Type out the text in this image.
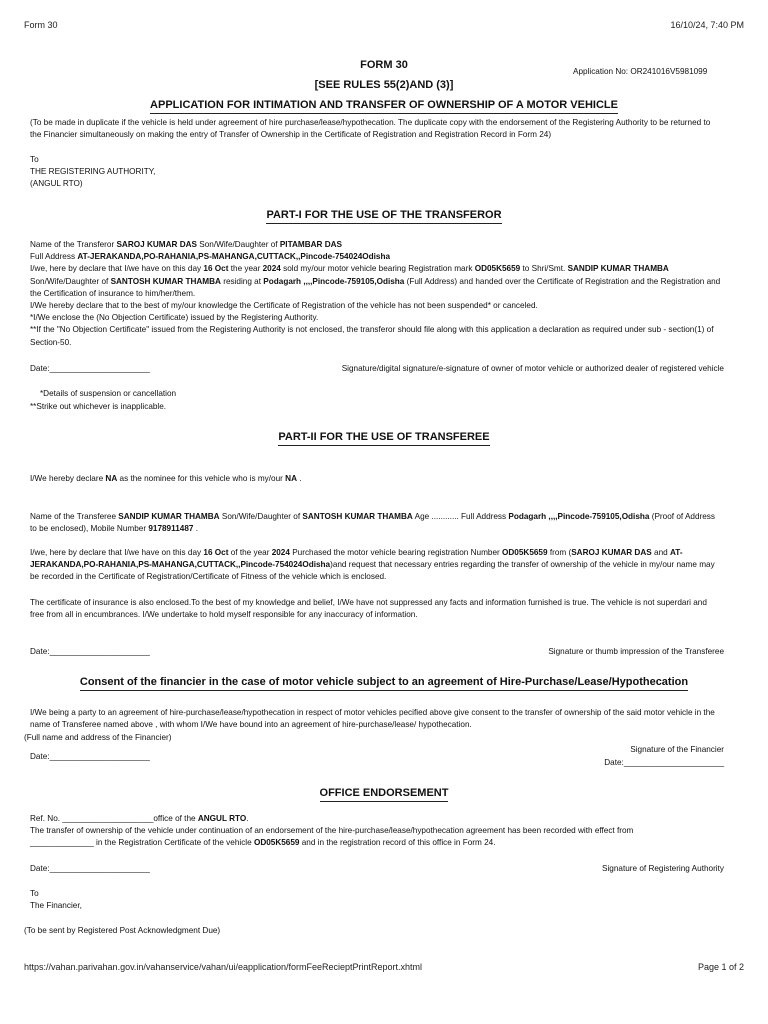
Form 30	16/10/24, 7:40 PM
FORM 30
Application No: OR241016V5981099
[SEE RULES 55(2)AND (3)]
APPLICATION FOR INTIMATION AND TRANSFER OF OWNERSHIP OF A MOTOR VEHICLE
(To be made in duplicate if the vehicle is held under agreement of hire purchase/lease/hypothecation. The duplicate copy with the endorsement of the Registering Authority to be returned to the Financier simultaneously on making the entry of Transfer of Ownership in the Certificate of Registration and Registration Record in Form 24)
To
THE REGISTERING AUTHORITY,
(ANGUL RTO)
PART-I FOR THE USE OF THE TRANSFEROR
Name of the Transferor SAROJ KUMAR DAS Son/Wife/Daughter of PITAMBAR DAS
Full Address AT-JERAKANDA,PO-RAHANIA,PS-MAHANGA,CUTTACK,,Pincode-754024Odisha
I/we, here by declare that I/we have on this day 16 Oct the year 2024 sold my/our motor vehicle bearing Registration mark OD05K5659 to Shri/Smt. SANDIP KUMAR THAMBA Son/Wife/Daughter of SANTOSH KUMAR THAMBA residing at Podagarh ,,,,Pincode-759105,Odisha (Full Address) and handed over the Certificate of Registration and the Registration and the Certification of insurance to him/her/them.
I/We hereby declare that to the best of my/our knowledge the Certificate of Registration of the vehicle has not been suspended* or canceled.
*I/We enclose the (No Objection Certificate) issued by the Registering Authority.
**If the "No Objection Certificate" issued from the Registering Authority is not enclosed, the transferor should file along with this application a declaration as required under sub - section(1) of Section-50.
Date:______________________	Signature/digital signature/e-signature of owner of motor vehicle or authorized dealer of registered vehicle
*Details of suspension or cancellation
**Strike out whichever is inapplicable.
PART-II FOR THE USE OF TRANSFEREE
I/We hereby declare NA as the nominee for this vehicle who is my/our NA .
Name of the Transferee SANDIP KUMAR THAMBA Son/Wife/Daughter of SANTOSH KUMAR THAMBA Age ............ Full Address Podagarh ,,,,Pincode-759105,Odisha (Proof of Address to be enclosed), Mobile Number 9178911487 .
I/we, here by declare that I/we have on this day 16 Oct of the year 2024 Purchased the motor vehicle bearing registration Number OD05K5659 from (SAROJ KUMAR DAS and AT-JERAKANDA,PO-RAHANIA,PS-MAHANGA,CUTTACK,,Pincode-754024Odisha)and request that necessary entries regarding the transfer of ownership of the vehicle in my/our name may be recorded in the Certificate of Registration/Certificate of Fitness of the vehicle which is enclosed.
The certificate of insurance is also enclosed.To the best of my knowledge and belief, I/We have not suppressed any facts and information furnished is true. The vehicle is not superdari and free from all in encumbrances. I/We undertake to hold myself responsible for any inaccuracy of information.
Date:______________________	Signature or thumb impression of the Transferee
Consent of the financier in the case of motor vehicle subject to an agreement of Hire-Purchase/Lease/Hypothecation
I/We being a party to an agreement of hire-purchase/lease/hypothecation in respect of motor vehicles pecified above give consent to the transfer of ownership of the said motor vehicle in the name of Transferee named above , with whom I/We have bound into an agreement of hire-purchase/lease/ hypothecation.
(Full name and address of the Financier)
Signature of the Financier
Date:______________________
Date:______________________
OFFICE ENDORSEMENT
Ref. No. ____________________office of the ANGUL RTO.
The transfer of ownership of the vehicle under continuation of an endorsement of the hire-purchase/lease/hypothecation agreement has been recorded with effect from
______________ in the Registration Certificate of the vehicle OD05K5659 and in the registration record of this office in Form 24.
Date:______________________	Signature of Registering Authority
To
The Financier,
(To be sent by Registered Post Acknowledgment Due)
https://vahan.parivahan.gov.in/vahanservice/vahan/ui/eapplication/formFeeRecieptPrintReport.xhtml	Page 1 of 2
